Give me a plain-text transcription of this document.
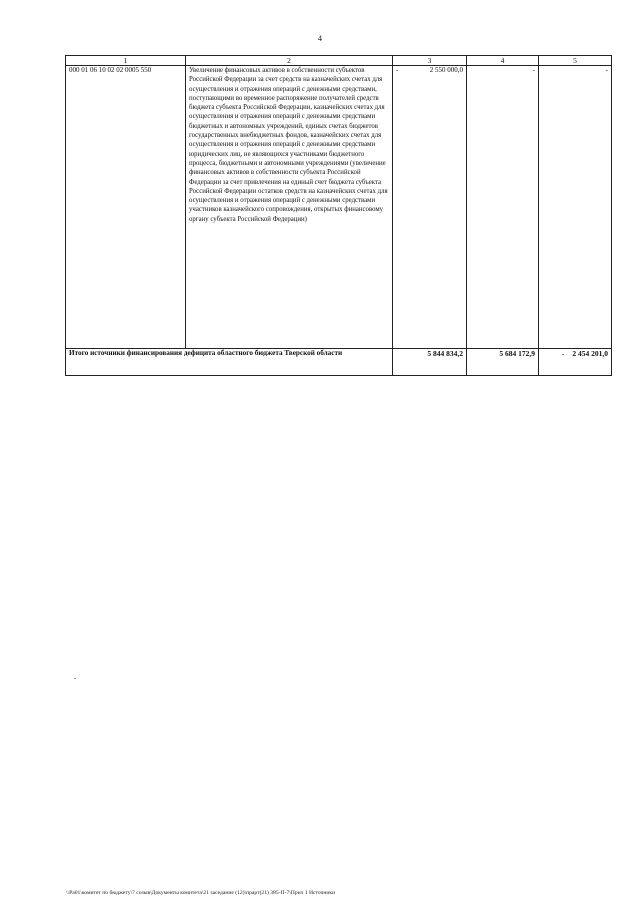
4
1	2	3	4	5
000 01 06 10 02 02 0005 550	Увеличение финансовых активов в собственности субъектов Российской Федерации за счет средств на казначейских счетах для осуществления и отражения операций с денежными средствами, поступающими во временное распоряжение получателей средств бюджета субъекта Российской Федерации, казначейских счетах для осуществления и отражения операций с денежными средствами бюджетных и автономных учреждений, единых счетах бюджетов государственных внебюджетных фондов, казначейских счетах для осуществления и отражения операций с денежными средствами юридических лиц, не являющихся участниками бюджетного процесса, бюджетными и автономными учреждениями (увеличение финансовых активов в собственности субъекта Российской Федерации за счет привлечения на единый счет бюджета субъекта Российской Федерации остатков средств на казначейских счетах для осуществления и отражения операций с денежными средствами участников казначейского сопровождения, открытых финансовому органу субъекта Российской Федерации)	- 2 550 000,0	-	-
Итого источники финансирования дефицита областного бюджета Тверской области		5 844 834,2	5 684 172,9	- 2 454 201,0
\\Pa01\комитет по бюджету\7 созыв\Документы комитета\21 заседание (12)\прарт(21) 385-П-7\Прил 1 Источники
